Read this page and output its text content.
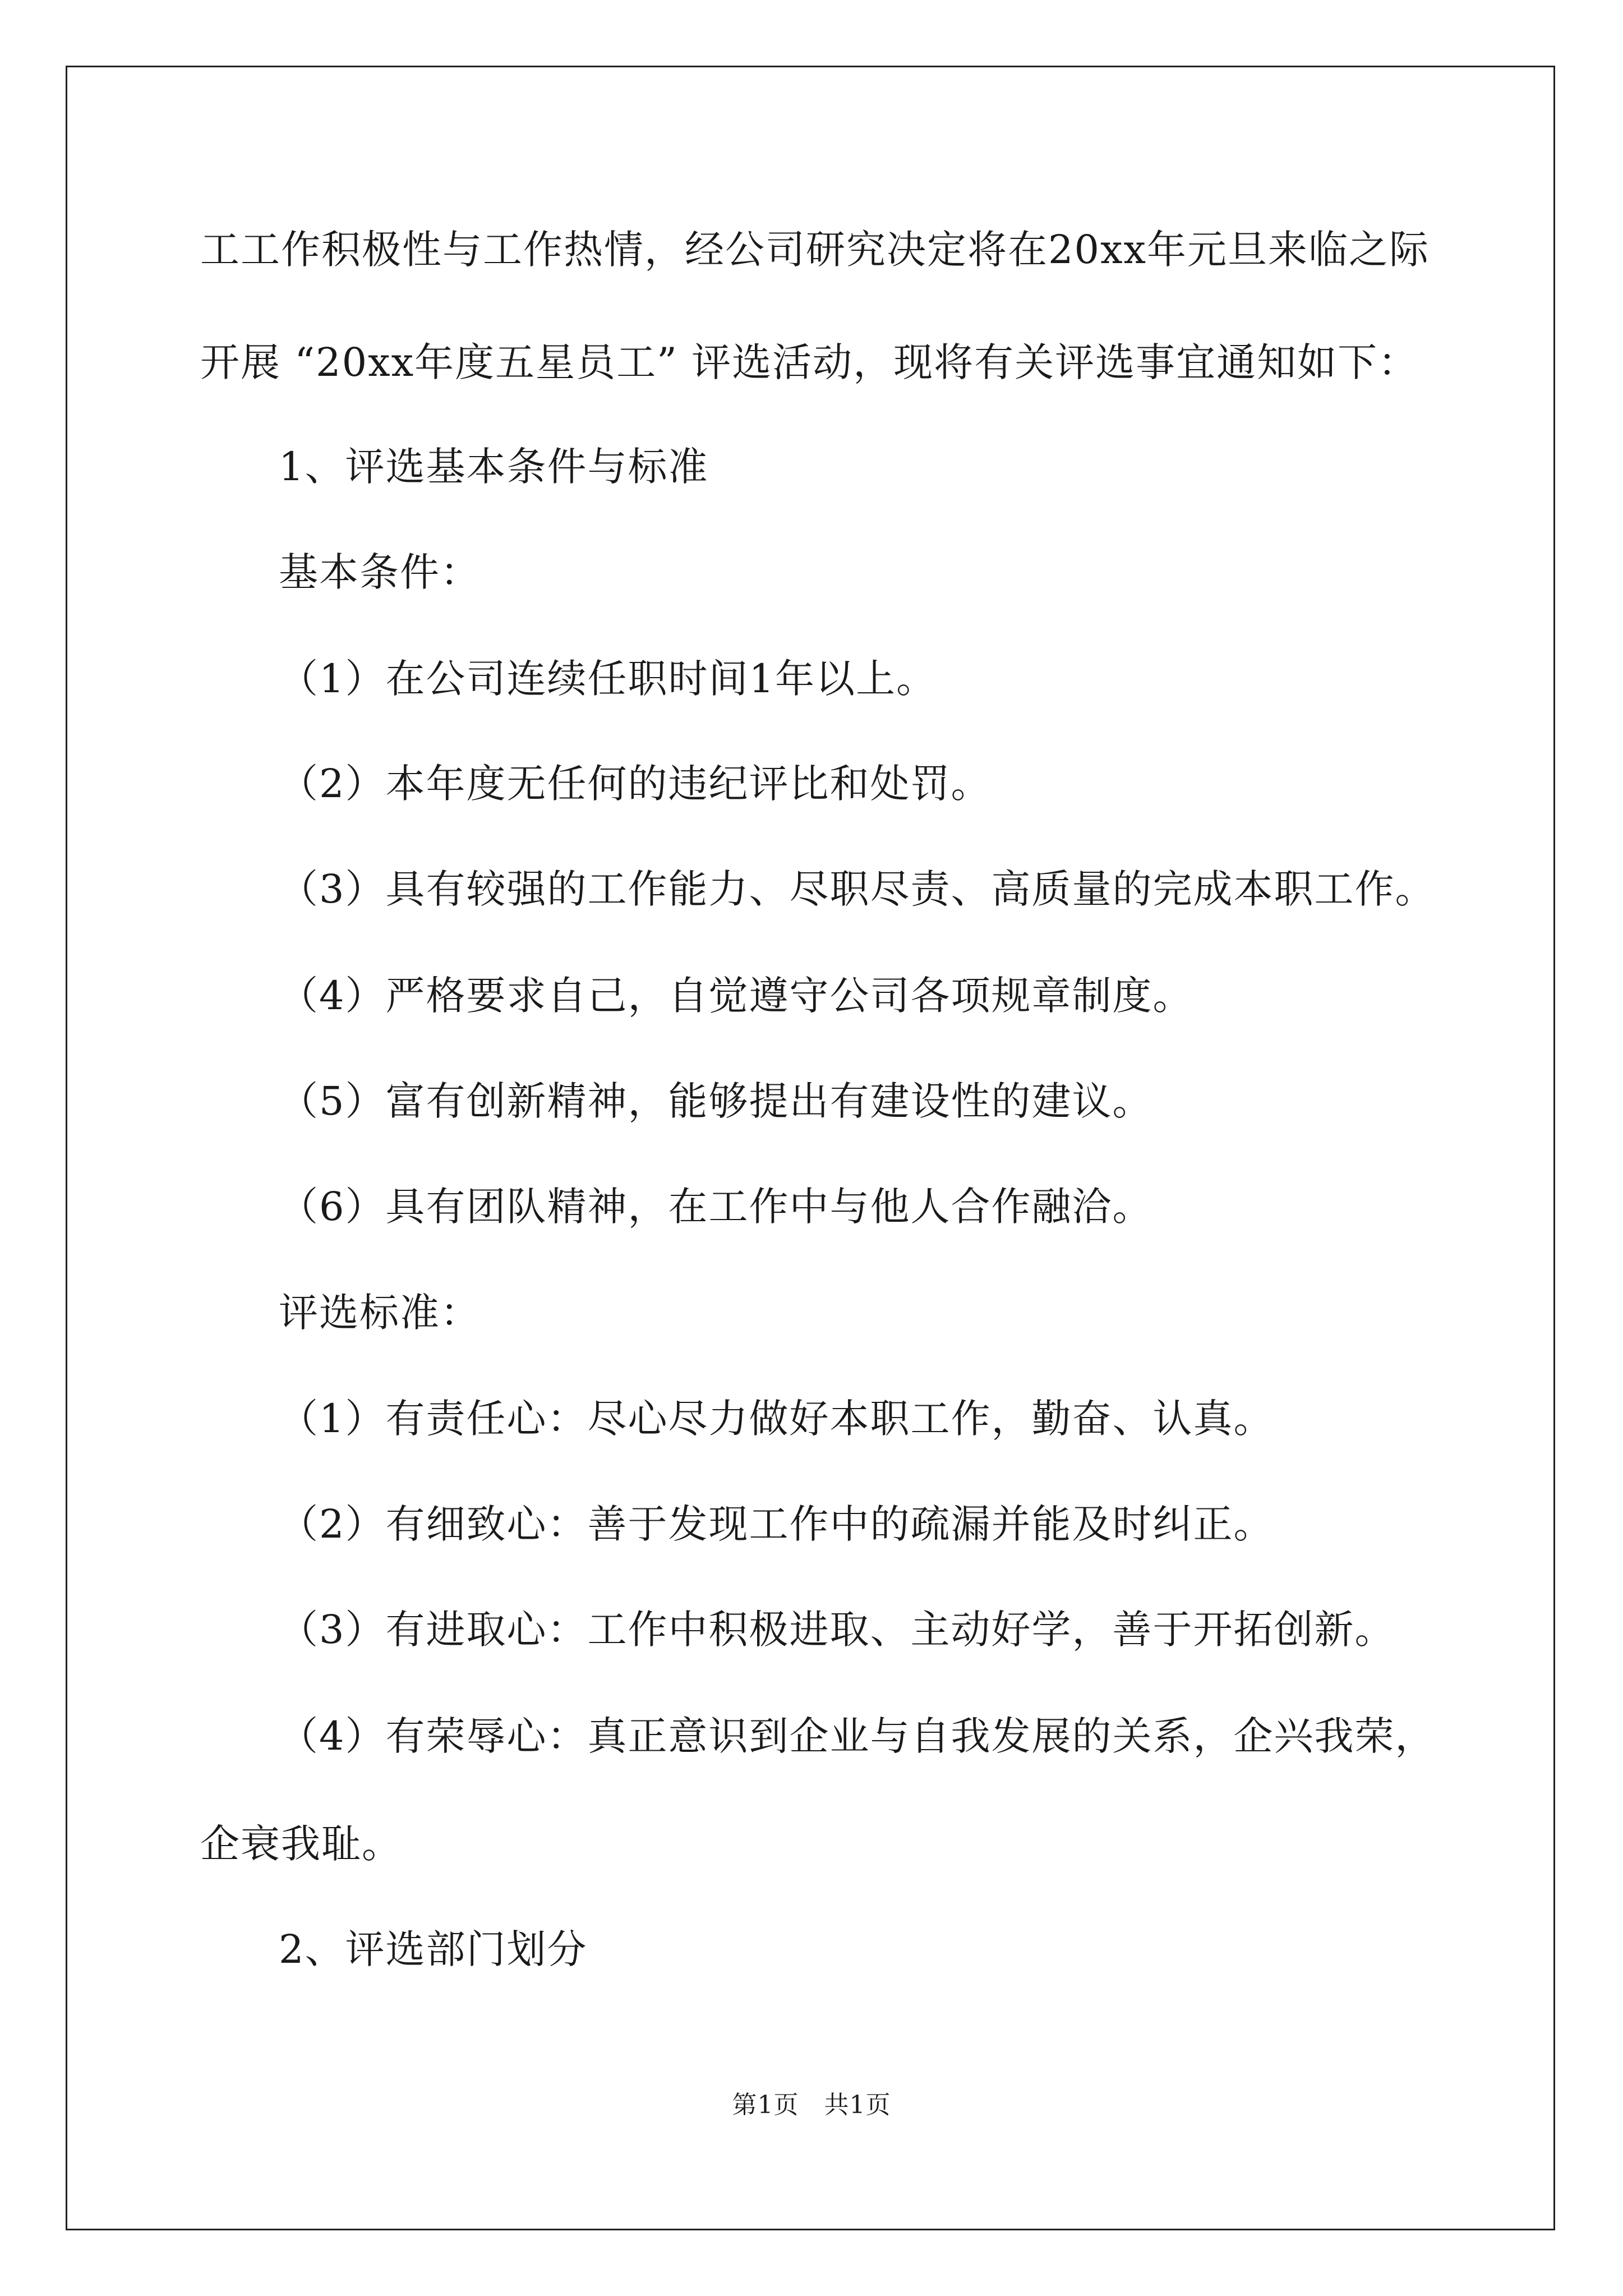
工工作积极性与工作热情，经公司研究决定将在20xx年元旦来临之际
开展 “20xx年度五星员工” 评选活动，现将有关评选事宜通知如下：
1、评选基本条件与标准
基本条件：
（1）在公司连续任职时间1年以上。
（2）本年度无任何的违纪评比和处罚。
（3）具有较强的工作能力、尽职尽责、高质量的完成本职工作。
（4）严格要求自己，自觉遵守公司各项规章制度。
（5）富有创新精神，能够提出有建设性的建议。
（6）具有团队精神，在工作中与他人合作融洽。
评选标准：
（1）有责任心：尽心尽力做好本职工作，勤奋、认真。
（2）有细致心：善于发现工作中的疏漏并能及时纠正。
（3）有进取心：工作中积极进取、主动好学，善于开拓创新。
（4）有荣辱心：真正意识到企业与自我发展的关系，企兴我荣，
企衰我耻。
2、评选部门划分
第1页   共1页
